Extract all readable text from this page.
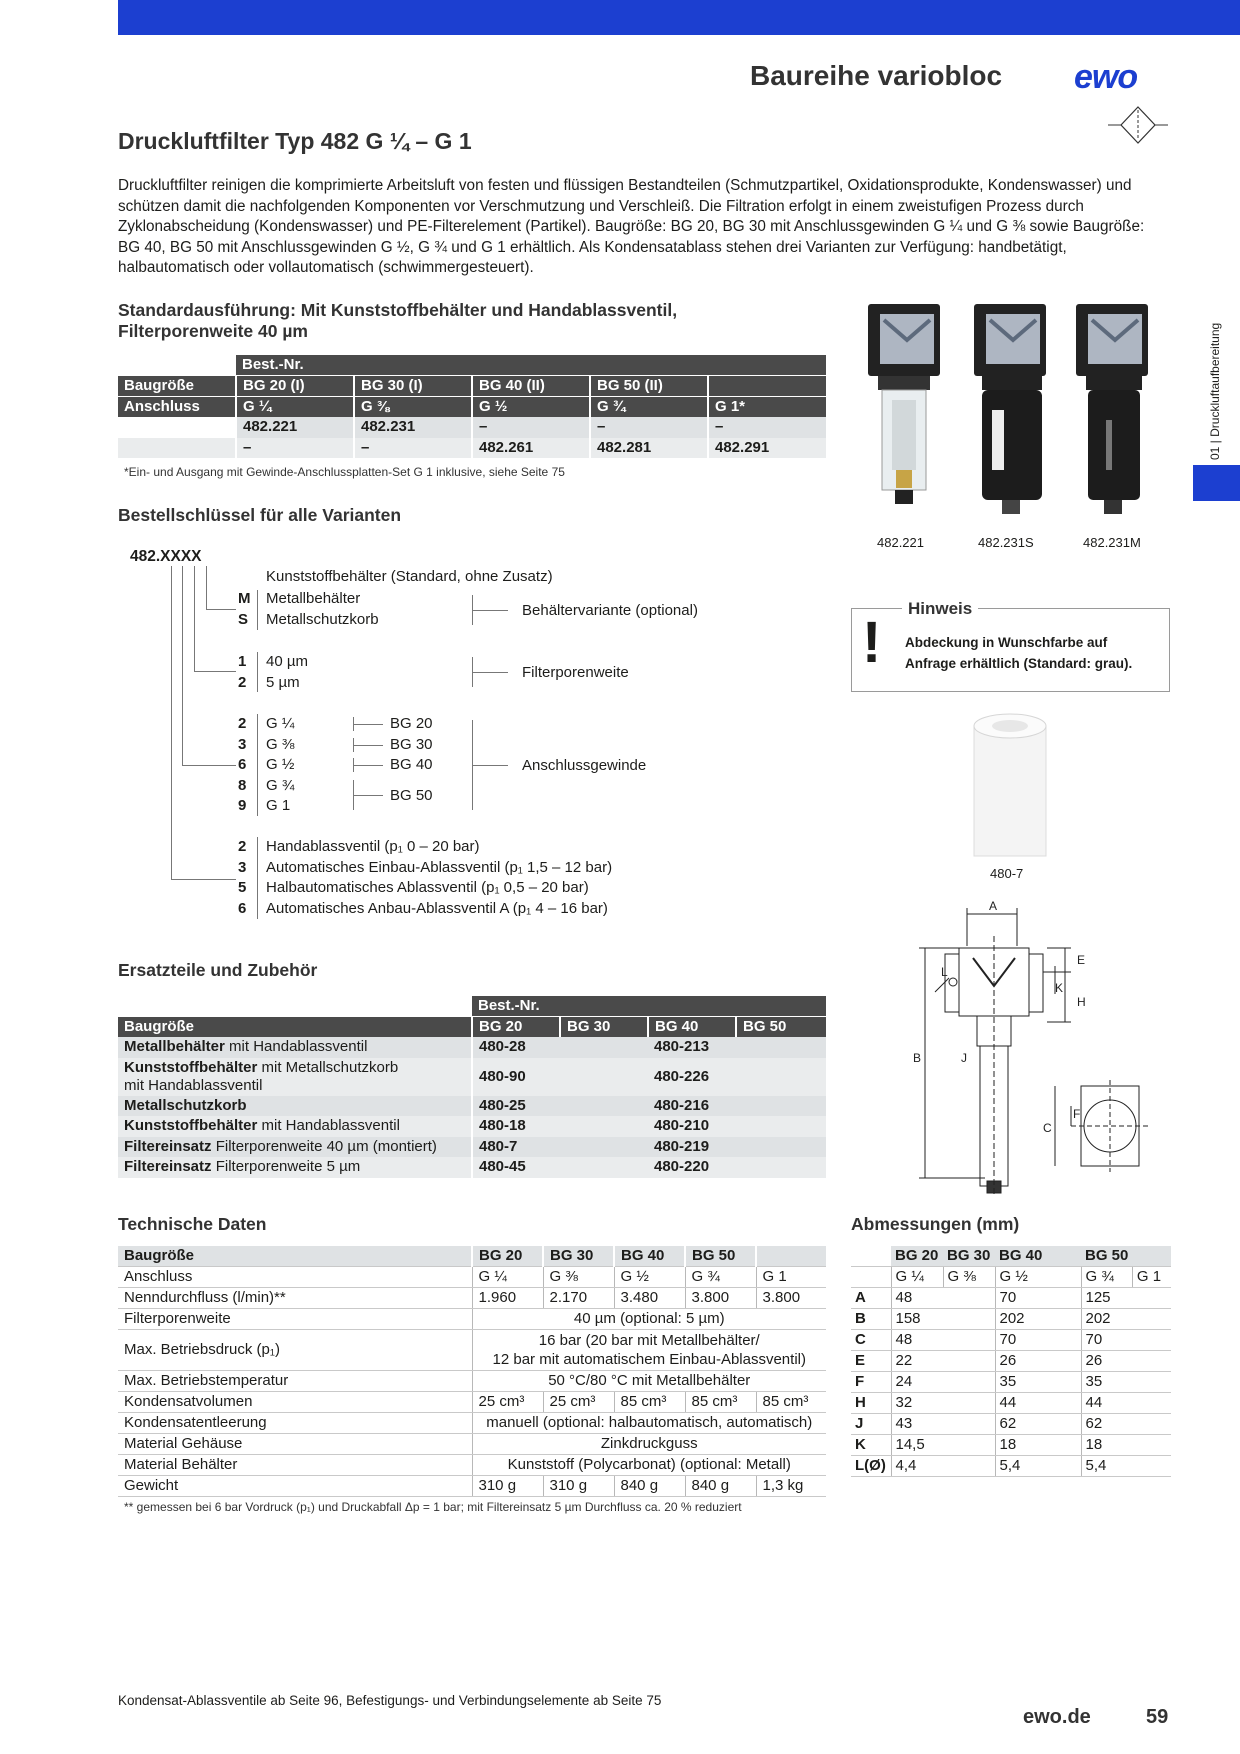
01 | Druckluftaufbereitung
Baureihe variobloc ewo
Druckluftfilter Typ 482 G ¼ – G 1
Druckluftfilter reinigen die komprimierte Arbeitsluft von festen und flüssigen Bestandteilen (Schmutzpartikel, Oxidationsprodukte, Kondenswasser) und schützen damit die nachfolgenden Komponenten vor Verschmutzung und Verschleiß. Die Filtration erfolgt in einem zweistufigen Prozess durch Zyklonabscheidung (Kondenswasser) und PE-Filterelement (Partikel). Baugröße: BG 20, BG 30 mit Anschlussgewinden G ¼ und G ⅜ sowie Baugröße: BG 40, BG 50 mit Anschlussgewinden G ½, G ¾ und G 1 erhältlich. Als Kondensatablass stehen drei Varianten zur Verfügung: handbetätigt, halbautomatisch oder vollautomatisch (schwimmergesteuert).
Standardausführung: Mit Kunststoffbehälter und Handablassventil,
Filterporenweite 40 µm
	Best.-Nr.				
Baugröße	BG 20 (I)	BG 30 (I)	BG 40 (II)	BG 50 (II)	
Anschluss	G ¼	G ⅜	G ½	G ¾	G 1*
	482.221	482.231	–	–	–
	–	–	482.261	482.281	482.291
*Ein- und Ausgang mit Gewinde-Anschlussplatten-Set G 1 inklusive, siehe Seite 75
482.221	482.231S	482.231M
Hinweis
! Abdeckung in Wunschfarbe auf
Anfrage erhältlich (Standard: grau).
480-7
A
L
K
E
H
B	J
C
F
Bestellschlüssel für alle Varianten
482.XXXX
Kunststoffbehälter (Standard, ohne Zusatz)
M Metallbehälter
S Metallschutzkorb
Behältervariante (optional)
1 40 µm
2 5 µm
Filterporenweite
2 G ¼
3 G ⅜
6 G ½
8 G ¾
9 G 1
BG 20
BG 30
BG 40
BG 50
Anschlussgewinde
2 Handablassventil (p₁ 0 – 20 bar)
3 Automatisches Einbau-Ablassventil (p₁ 1,5 – 12 bar)
5 Halbautomatisches Ablassventil (p₁ 0,5 – 20 bar)
6 Automatisches Anbau-Ablassventil A (p₁ 4 – 16 bar)
Ersatzteile und Zubehör
	Best.-Nr.			
Baugröße	BG 20	BG 30	BG 40	BG 50
Metallbehälter mit Handablassventil	480-28		480-213	
Kunststoffbehälter mit Metallschutzkorb
mit Handablassventil	480-90		480-226	
Metallschutzkorb	480-25		480-216	
Kunststoffbehälter mit Handablassventil	480-18		480-210	
Filtereinsatz Filterporenweite 40 µm (montiert)	480-7		480-219	
Filtereinsatz Filterporenweite 5 µm	480-45		480-220	
Technische Daten
Baugröße	BG 20	BG 30	BG 40	BG 50	
Anschluss	G ¼	G ⅜	G ½	G ¾	G 1
Nenndurchfluss (l/min)**	1.960	2.170	3.480	3.800	3.800
Filterporenweite	40 µm (optional: 5 µm)				
Max. Betriebsdruck (p₁)	16 bar (20 bar mit Metallbehälter/
12 bar mit automatischem Einbau-Ablassventil)				
Max. Betriebstemperatur	50 °C/80 °C mit Metallbehälter				
Kondensatvolumen	25 cm³	25 cm³	85 cm³	85 cm³	85 cm³
Kondensatentleerung	manuell (optional: halbautomatisch, automatisch)				
Material Gehäuse	Zinkdruckguss				
Material Behälter	Kunststoff (Polycarbonat) (optional: Metall)				
Gewicht	310 g	310 g	840 g	840 g	1,3 kg
** gemessen bei 6 bar Vordruck (p₁) und Druckabfall Δp = 1 bar; mit Filtereinsatz 5 µm Durchfluss ca. 20 % reduziert
Abmessungen (mm)
	BG 20	BG 30	BG 40	BG 50	
	G ¼	G ⅜	G ½	G ¾	G 1
A	48		70	125	
B	158		202	202	
C	48		70	70	
E	22		26	26	
F	24		35	35	
H	32		44	44	
J	43		62	62	
K	14,5		18	18	
L(Ø)	4,4		5,4	5,4	
Kondensat-Ablassventile ab Seite 96, Befestigungs- und Verbindungselemente ab Seite 75
ewo.de	59
